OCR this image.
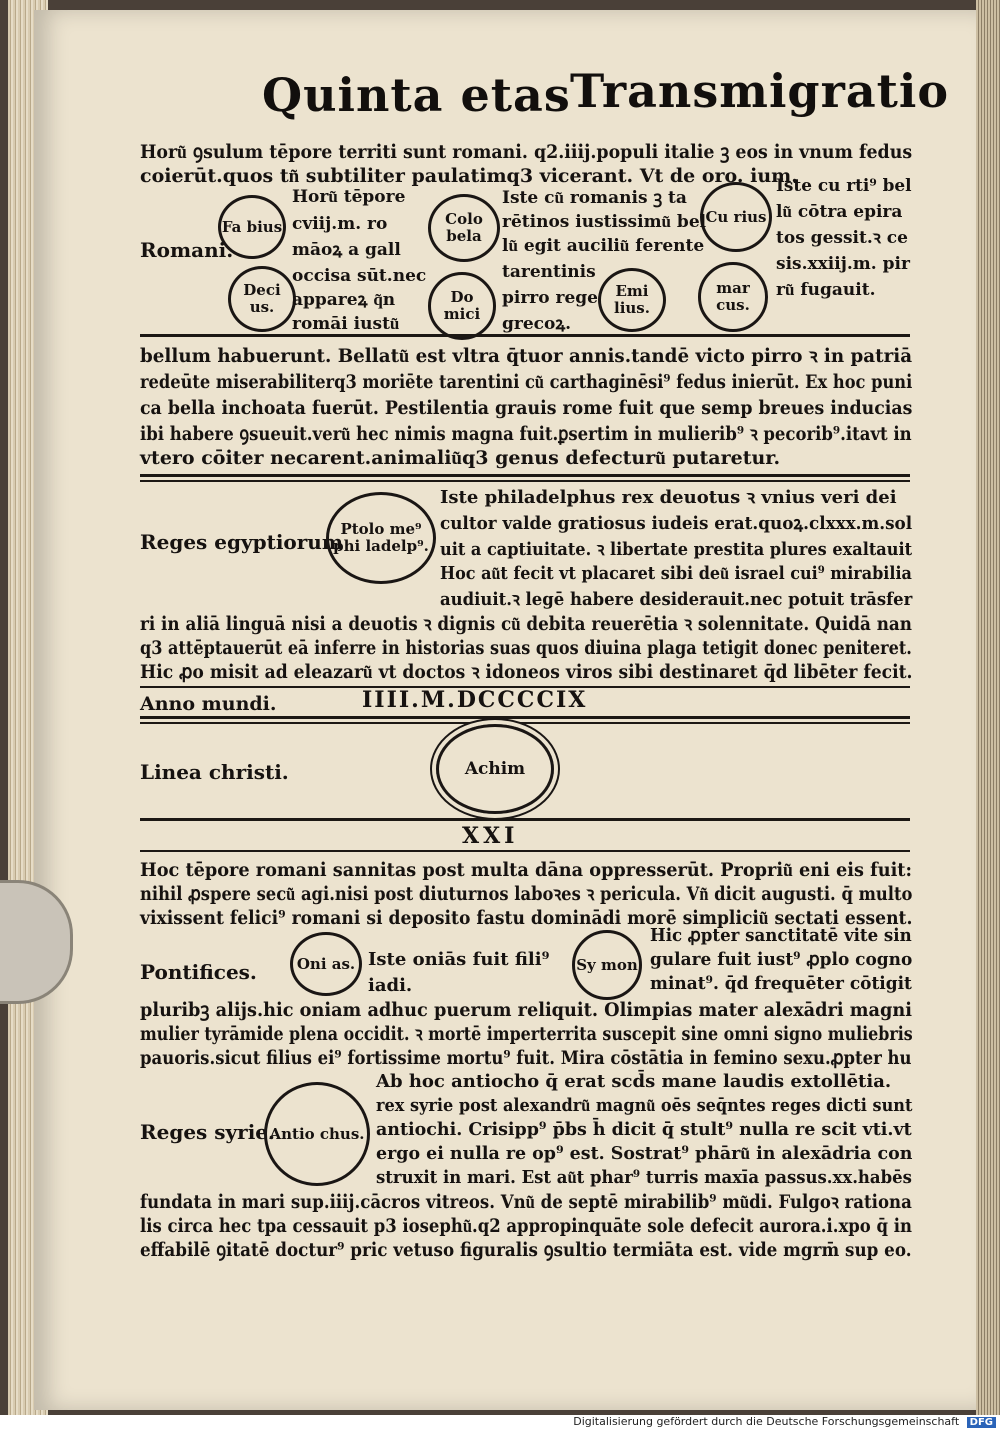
Quinta etas Transmigratio
Horu͂ ꝯsulum tēpore territi sunt romani. q2.iiij.populi italie ꝫ eos in vnum fedus
coierūt.quos tn͂ subtiliter paulatimq3 vicerant. Vt de oro. ium.
Romani.
Fa bius	Colo bela
Cu rius
Deci us.
Do mici
Emi lius.
mar cus.
Horu͂ tēpore
cviij.m. ro
māoꝝ a gall
occisa sūt.nec
appareꝝ q͂n
romāi iustu͂
Iste cu͂ romanis ꝫ ta
rētinos iustissimu͂ bel
lu͂ egit auciliu͂ ferente
tarentinis
pirro rege
grecoꝝ.
Iste cu rti⁹ bel
lu͂ cōtra epira
tos gessit.ꝛ ce
sis.xxiij.m. pir
ru͂ fugauit.
bellum habuerunt. Bellatu͂ est vltra q̄tuor annis.tandē victo pirro ꝛ in patriā
redeūte miserabiliterq3 moriēte tarentini cu͂ carthaginēsi⁹ fedus inierūt. Ex hoc puni
ca bella inchoata fuerūt. Pestilentia grauis rome fuit que semp breues inducias
ibi habere ꝯsueuit.veru͂ hec nimis magna fuit.ꝑsertim in mulierib⁹ ꝛ pecorib⁹.itavt in
vtero cōiter necarent.animaliu͂q3 genus defecturu͂ putaretur.
Reges egyptiorum
Ptolo me⁹ phi ladelp⁹.
Iste philadelphus rex deuotus ꝛ vnius veri dei
cultor valde gratiosus iudeis erat.quoꝝ.clxxx.m.sol
uit a captiuitate. ꝛ libertate prestita plures exaltauit
Hoc au͂t fecit vt placaret sibi deu͂ israel cui⁹ mirabilia
audiuit.ꝛ legē habere desiderauit.nec potuit trāsfer
ri in aliā linguā nisi a deuotis ꝛ dignis cu͂ debita reuerētia ꝛ solennitate. Quidā nan
q3 attēptauerūt eā inferre in historias suas quos diuina plaga tetigit donec peniteret.
Hic ꝓo misit ad eleazaru͂ vt doctos ꝛ idoneos viros sibi destinaret q̄d libēter fecit.
Anno mundi.	IIII.M.DCCCCIX
Linea christi.	Achim
XXI
Hoc tēpore romani sannitas post multa dāna oppresserūt. Propriu͂ eni eis fuit:
nihil ꝓspere secu͂ agi.nisi post diuturnos laboꝛes ꝛ pericula. Vn͂ dicit augusti. q̄ multo
vixissent felici⁹ romani si deposito fastu dominādi morē simpliciu͂ sectati essent.
Pontifices.	Oni as.	Sy mon
Iste oniās fuit fili⁹
iadi.
Hic ꝓpter sanctitatē vite sin
gulare fuit iust⁹ ꝓplo cogno
minat⁹. q̄d frequēter cōtigit
pluribꝫ alijs.hic oniam adhuc puerum reliquit. Olimpias mater alexādri magni
mulier tyrāmide plena occidit. ꝛ mortē imperterrita suscepit sine omni signo muliebris
pauoris.sicut filius ei⁹ fortissime mortu⁹ fuit. Mira cōstātia in femino sexu.ꝓpter hu
Reges syrie.
Antio chus.
Ab hoc antiocho q̄ erat scd̄s mane laudis extollētia.
rex syrie post alexandru͂ magnu͂ oēs seq̄ntes reges dicti sunt
antiochi. Crisipp⁹ p̄bs h̄ dicit q̄ stult⁹ nulla re scit vti.vt
ergo ei nulla re op⁹ est. Sostrat⁹ phāru͂ in alexādria con
struxit in mari. Est au͂t phar⁹ turris maxīa passus.xx.habēs
fundata in mari sup.iiij.cācros vitreos. Vnu͂ de septē mirabilib⁹ mu͂di. Fulgoꝛ rationa
lis circa hec tpa cessauit p3 iosephu͂.q2 appropinquāte sole defecit aurora.i.xpo q̄ in
effabilē ꝯitatē doctur⁹ pric vetuso figuralis ꝯsultio termiāta est. vide mgrm̄ sup eo.
Digitalisierung gefördert durch die Deutsche Forschungsgemeinschaft DFG
